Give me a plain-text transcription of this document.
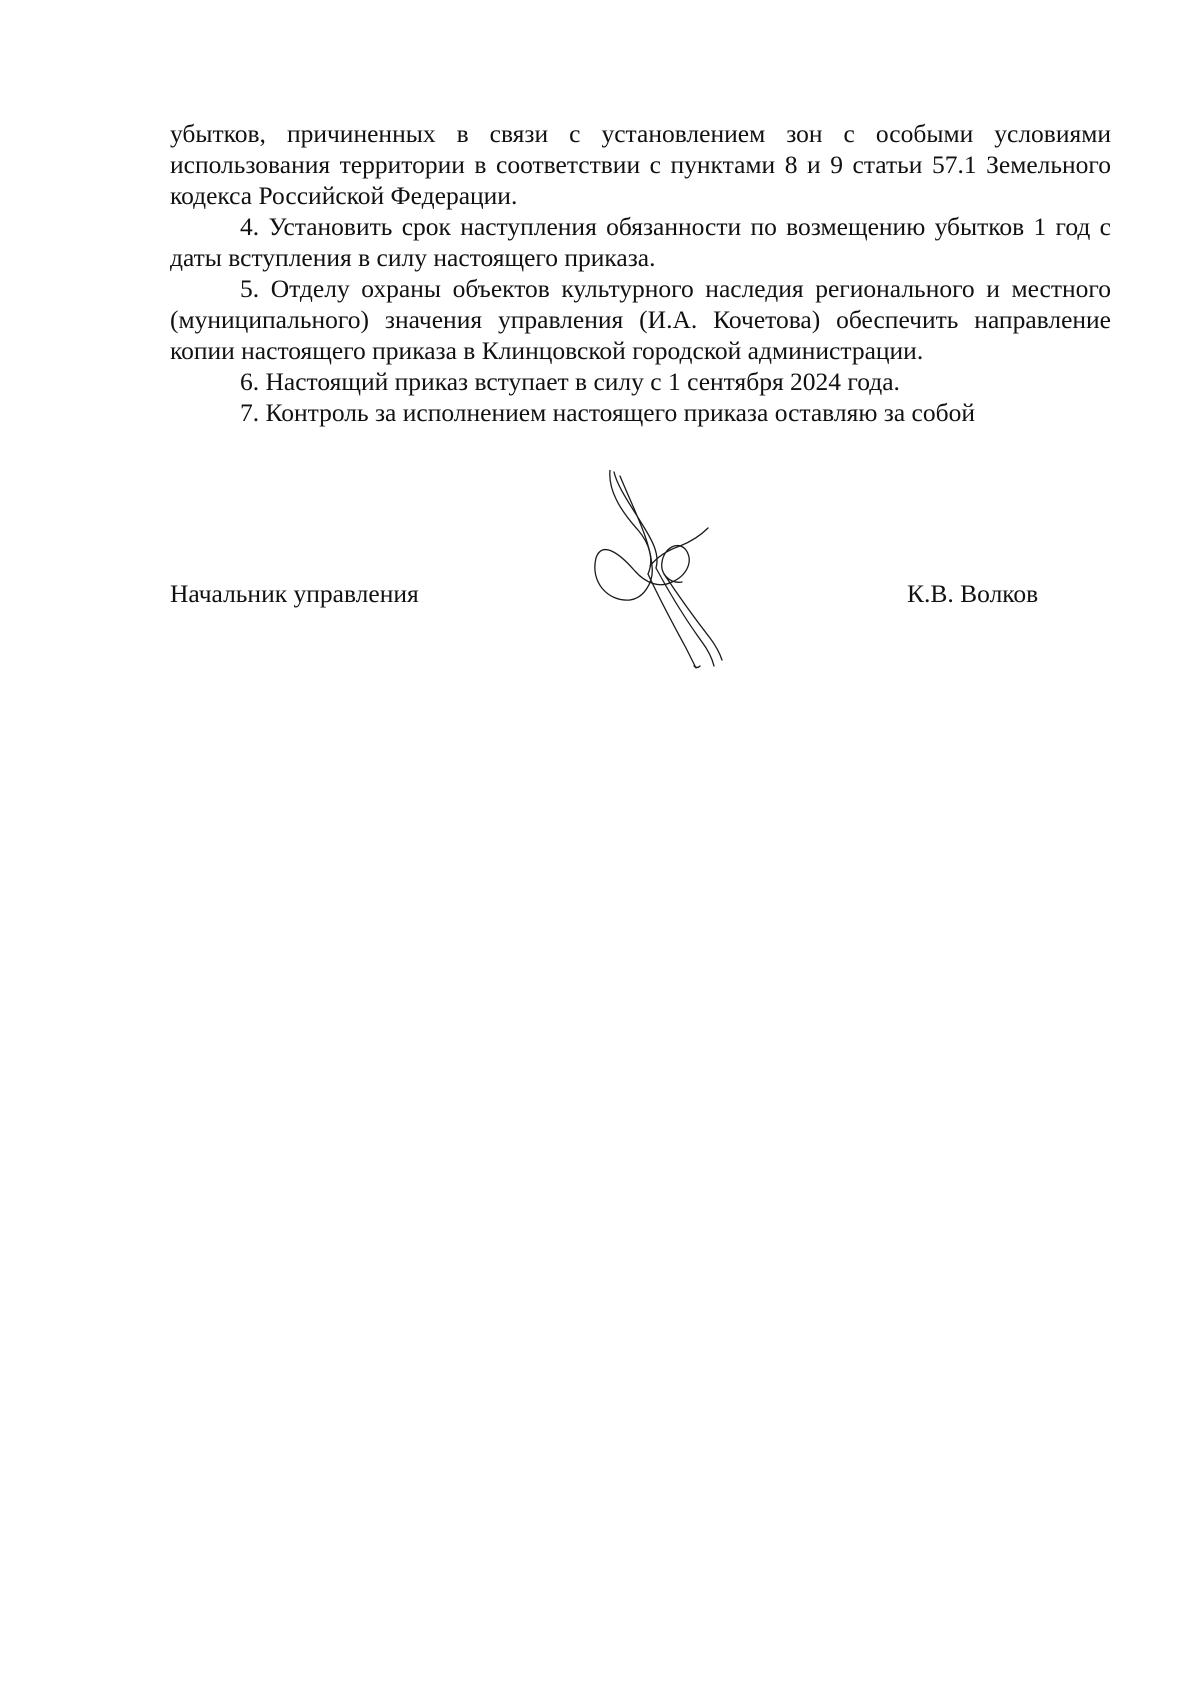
убытков, причиненных в связи с установлением зон с особыми условиями использования территории в соответствии с пунктами 8 и 9 статьи 57.1 Земельного кодекса Российской Федерации.

4. Установить срок наступления обязанности по возмещению убытков 1 год с даты вступления в силу настоящего приказа.

5. Отделу охраны объектов культурного наследия регионального и местного (муниципального) значения управления (И.А. Кочетова) обеспечить направление копии настоящего приказа в Клинцовской городской администрации.

6. Настоящий приказ вступает в силу с 1 сентября 2024 года.

7. Контроль за исполнением настоящего приказа оставляю за собой

Начальник управления	К.В. Волков
